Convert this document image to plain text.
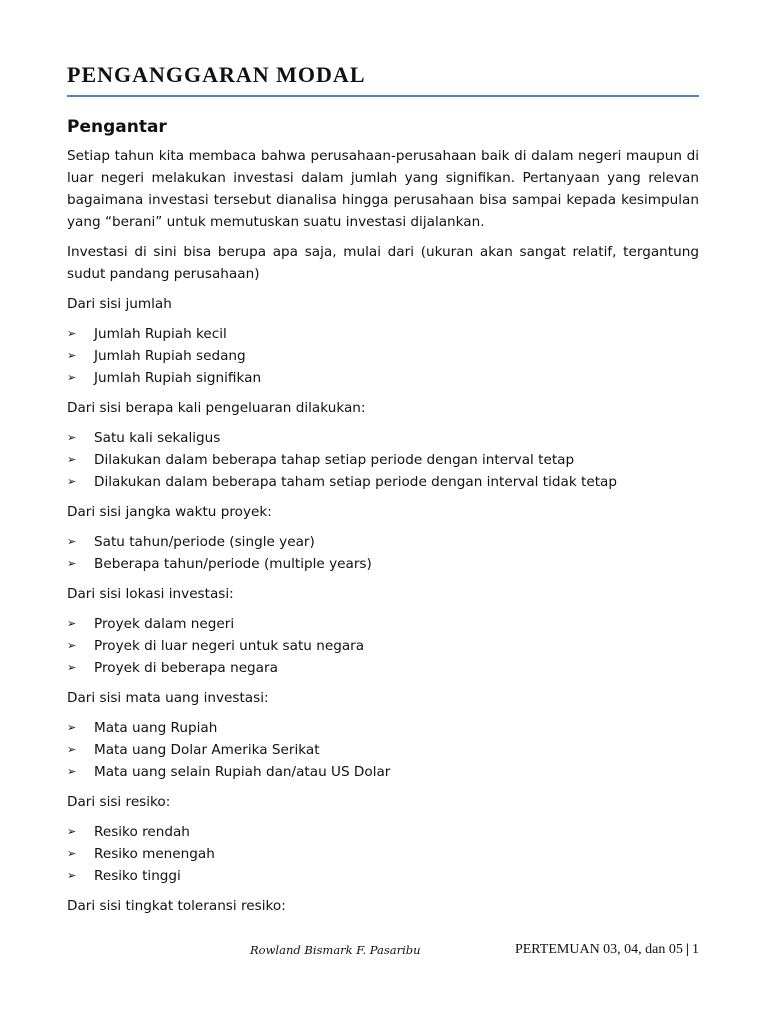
PENGANGGARAN MODAL
Pengantar

Setiap tahun kita membaca bahwa perusahaan-perusahaan baik di dalam negeri maupun di luar negeri melakukan investasi dalam jumlah yang signifikan. Pertanyaan yang relevan bagaimana investasi tersebut dianalisa hingga perusahaan bisa sampai kepada kesimpulan yang “berani” untuk memutuskan suatu investasi dijalankan.

Investasi di sini bisa berupa apa saja, mulai dari (ukuran akan sangat relatif, tergantung sudut pandang perusahaan)

Dari sisi jumlah
➢	Jumlah Rupiah kecil
➢	Jumlah Rupiah sedang
➢	Jumlah Rupiah signifikan
Dari sisi berapa kali pengeluaran dilakukan:
➢	Satu kali sekaligus
➢	Dilakukan dalam beberapa tahap setiap periode dengan interval tetap
➢	Dilakukan dalam beberapa taham setiap periode dengan interval tidak tetap
Dari sisi jangka waktu proyek:
➢	Satu tahun/periode (single year)
➢	Beberapa tahun/periode (multiple years)
Dari sisi lokasi investasi:
➢	Proyek dalam negeri
➢	Proyek di luar negeri untuk satu negara
➢	Proyek di beberapa negara
Dari sisi mata uang investasi:
➢	Mata uang Rupiah
➢	Mata uang Dolar Amerika Serikat
➢	Mata uang selain Rupiah dan/atau US Dolar
Dari sisi resiko:
➢	Resiko rendah
➢	Resiko menengah
➢	Resiko tinggi
Dari sisi tingkat toleransi resiko:
Rowland Bismark F. Pasaribu	PERTEMUAN 03, 04, dan 05 | 1
